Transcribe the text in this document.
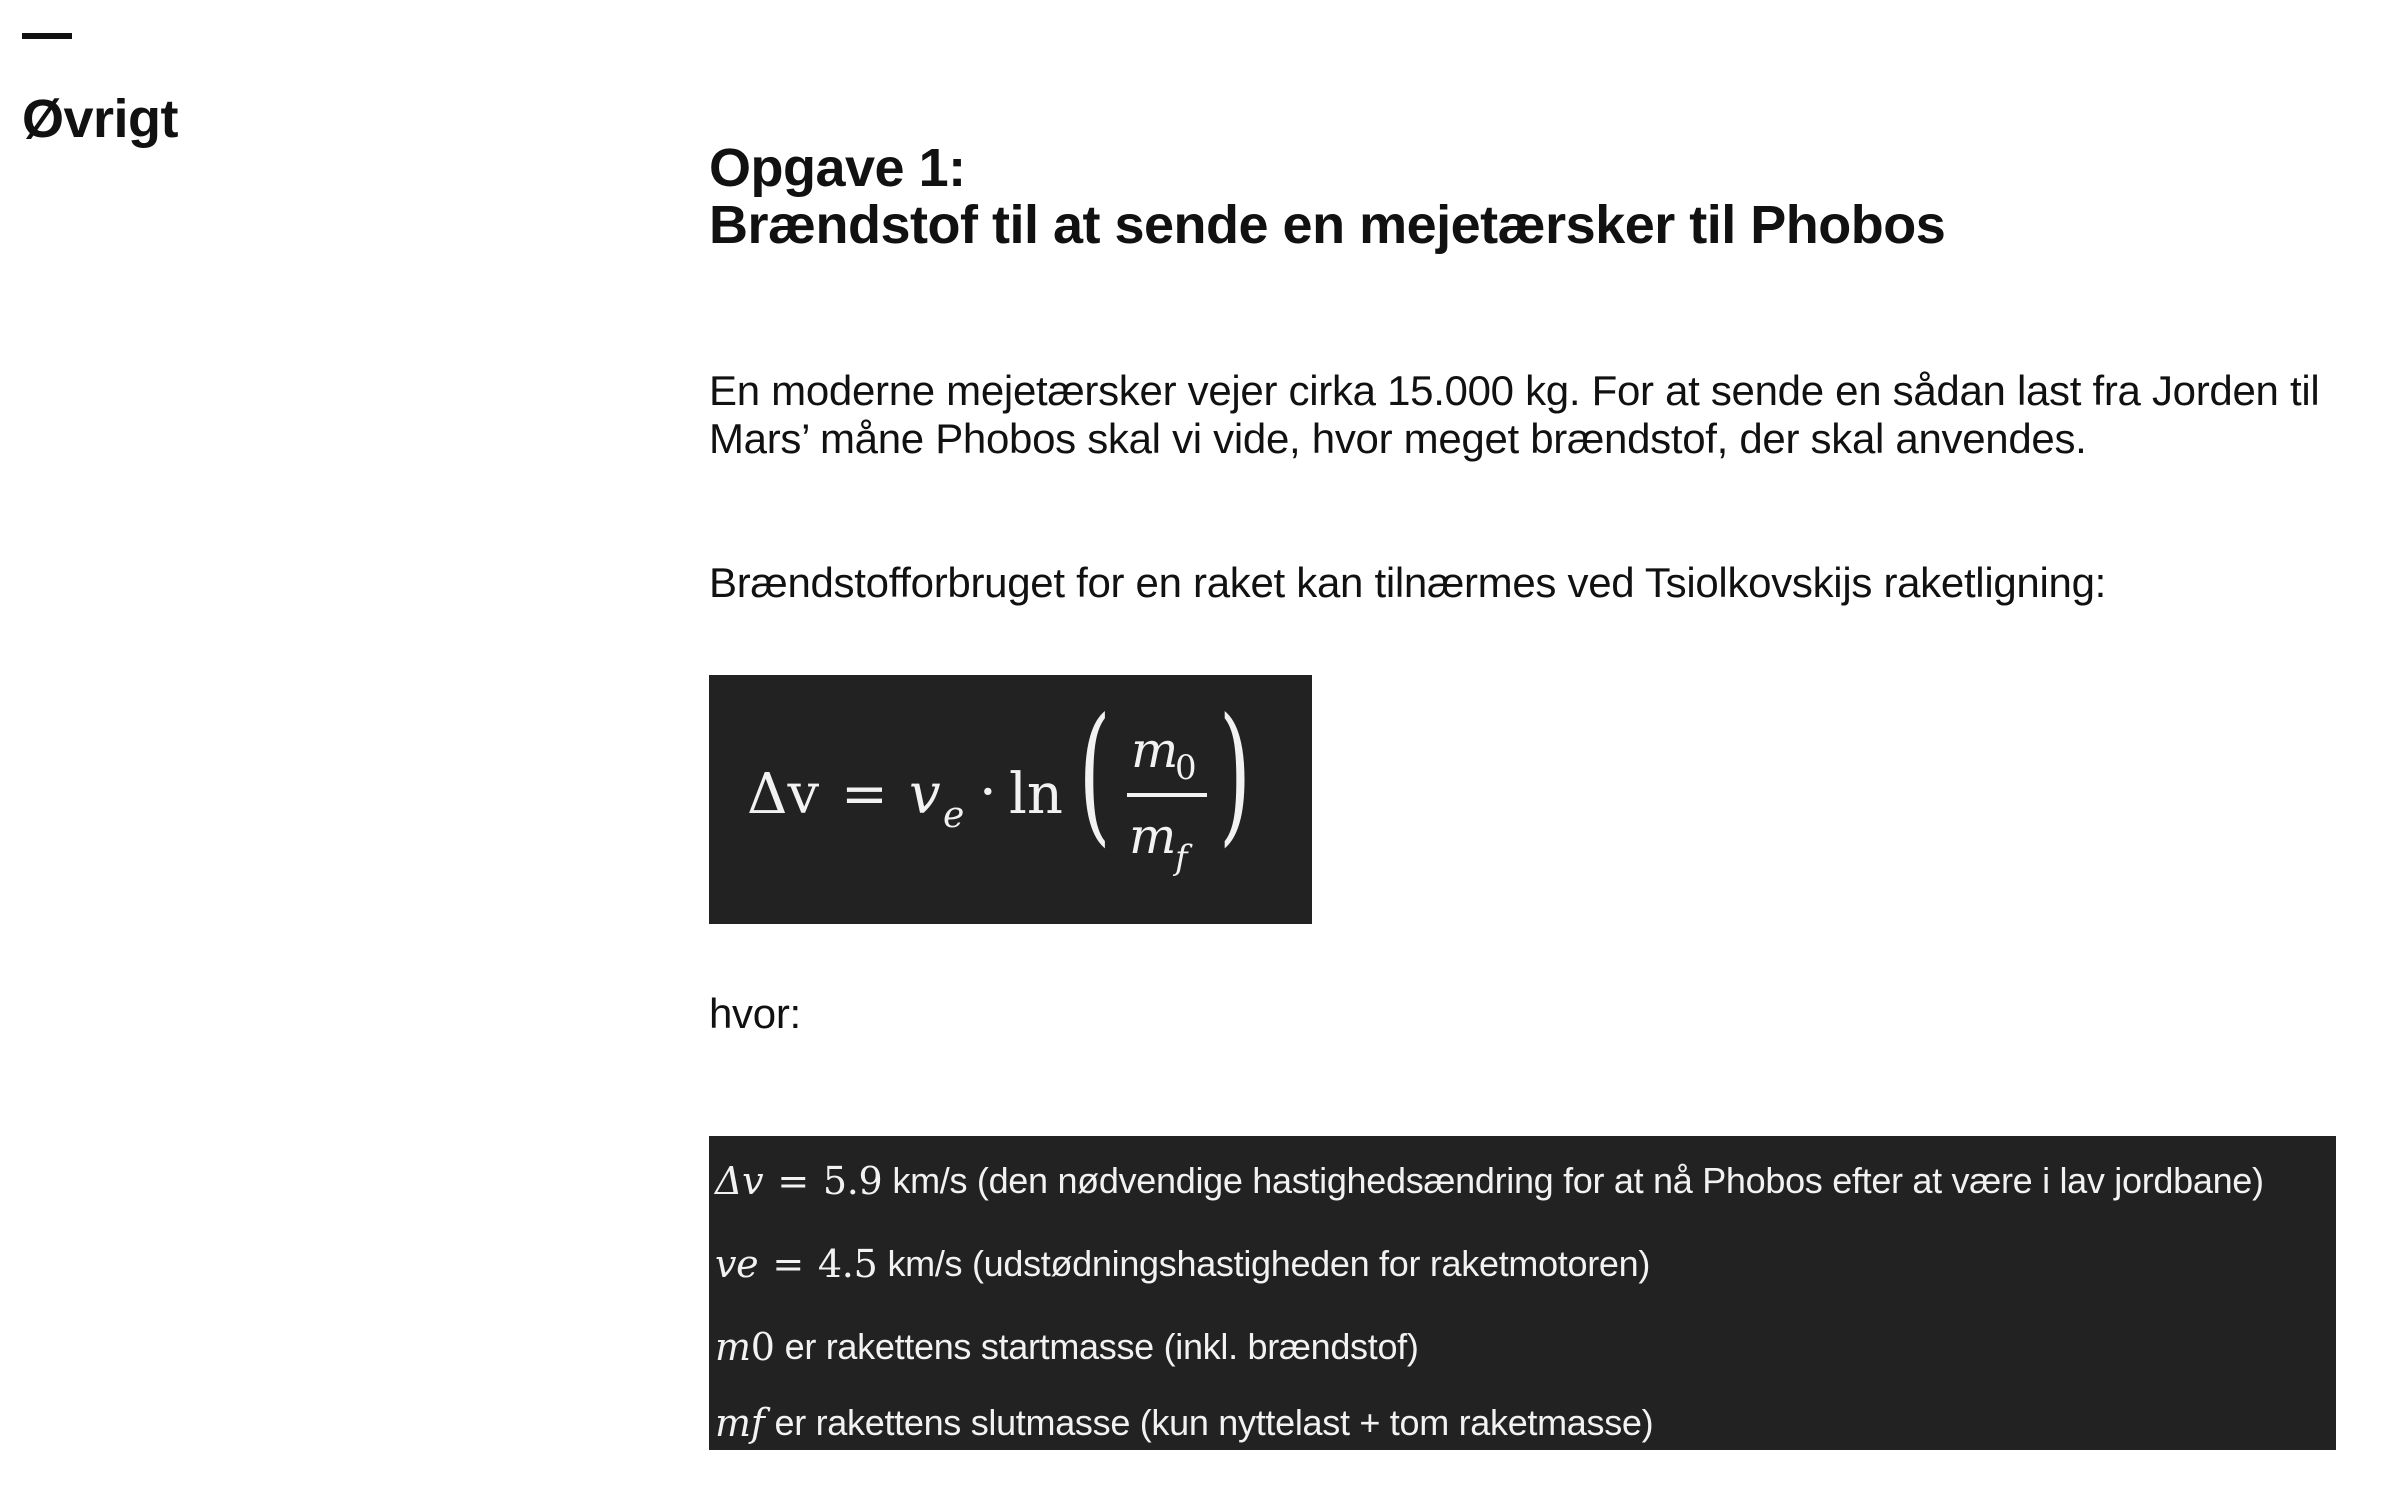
Øvrigt
Opgave 1:
Brændstof til at sende en mejetærsker til Phobos

En moderne mejetærsker vejer cirka 15.000 kg. For at sende en sådan last fra Jorden til Mars’ måne Phobos skal vi vide, hvor meget brændstof, der skal anvendes.

Brændstofforbruget for en raket kan tilnærmes ved Tsiolkovskijs raketligning:

Δv = v e · ln ( m
0
m
f )

hvor:

Δv = 5.9 km/s (den nødvendige hastighedsændring for at nå Phobos efter at være i lav jordbane)
v e = 4.5 km/s (udstødningshastigheden for raketmotoren)
m 0 er rakettens startmasse (inkl. brændstof)
m f er rakettens slutmasse (kun nyttelast + tom raketmasse)
